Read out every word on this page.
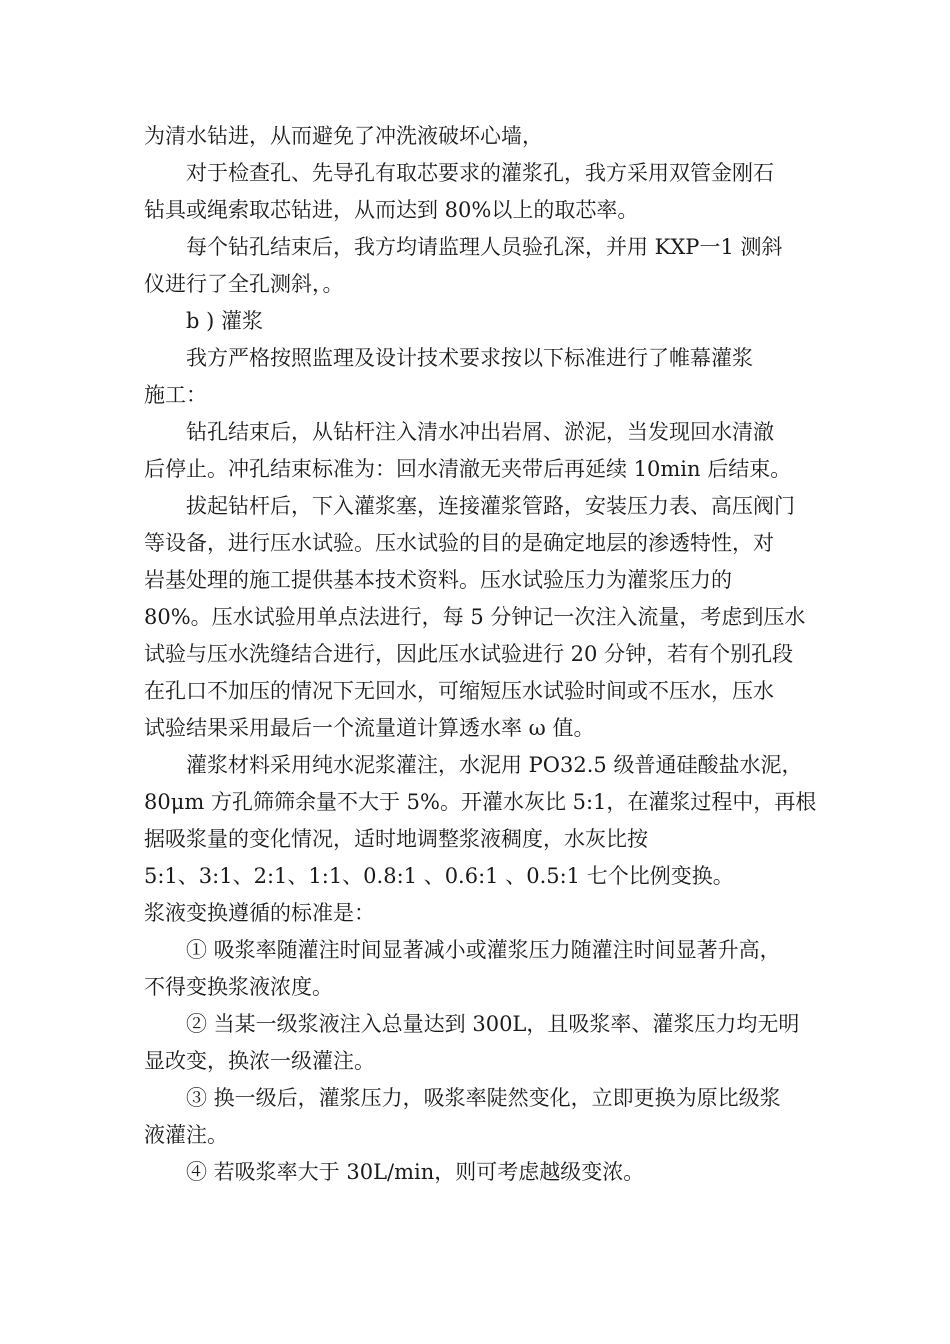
为清水钻进，从而避免了冲洗液破坏心墙，

对于检查孔、先导孔有取芯要求的灌浆孔，我方采用双管金刚石
钻具或绳索取芯钻进，从而达到 80%以上的取芯率。

每个钻孔结束后，我方均请监理人员验孔深，并用 KXP一1 测斜
仪进行了全孔测斜，。

b ) 灌浆

我方严格按照监理及设计技术要求按以下标准进行了帷幕灌浆
施工：

钻孔结束后，从钻杆注入清水冲出岩屑、淤泥，当发现回水清澈
后停止。冲孔结束标准为：回水清澈无夹带后再延续 10min 后结束。

拔起钻杆后，下入灌浆塞，连接灌浆管路，安装压力表、高压阀门
等设备，进行压水试验。压水试验的目的是确定地层的渗透特性，对
岩基处理的施工提供基本技术资料。压水试验压力为灌浆压力的
80%。压水试验用单点法进行，每 5 分钟记一次注入流量，考虑到压水
试验与压水洗缝结合进行，因此压水试验进行 20 分钟，若有个别孔段
在孔口不加压的情况下无回水，可缩短压水试验时间或不压水，压水
试验结果采用最后一个流量道计算透水率 ω 值。

灌浆材料采用纯水泥浆灌注，水泥用 PO32.5 级普通硅酸盐水泥，
80μm 方孔筛筛余量不大于 5%。开灌水灰比 5:1，在灌浆过程中，再根
据吸浆量的变化情况，适时地调整浆液稠度，水灰比按
5:1、3:1、2:1、1:1、0.8:1 、0.6:1 、0.5:1 七个比例变换。

浆液变换遵循的标准是：

① 吸浆率随灌注时间显著减小或灌浆压力随灌注时间显著升高，
不得变换浆液浓度。

② 当某一级浆液注入总量达到 300L，且吸浆率、灌浆压力均无明
显改变，换浓一级灌注。

③ 换一级后，灌浆压力，吸浆率陡然变化，立即更换为原比级浆
液灌注。

④ 若吸浆率大于 30L/min，则可考虑越级变浓。
